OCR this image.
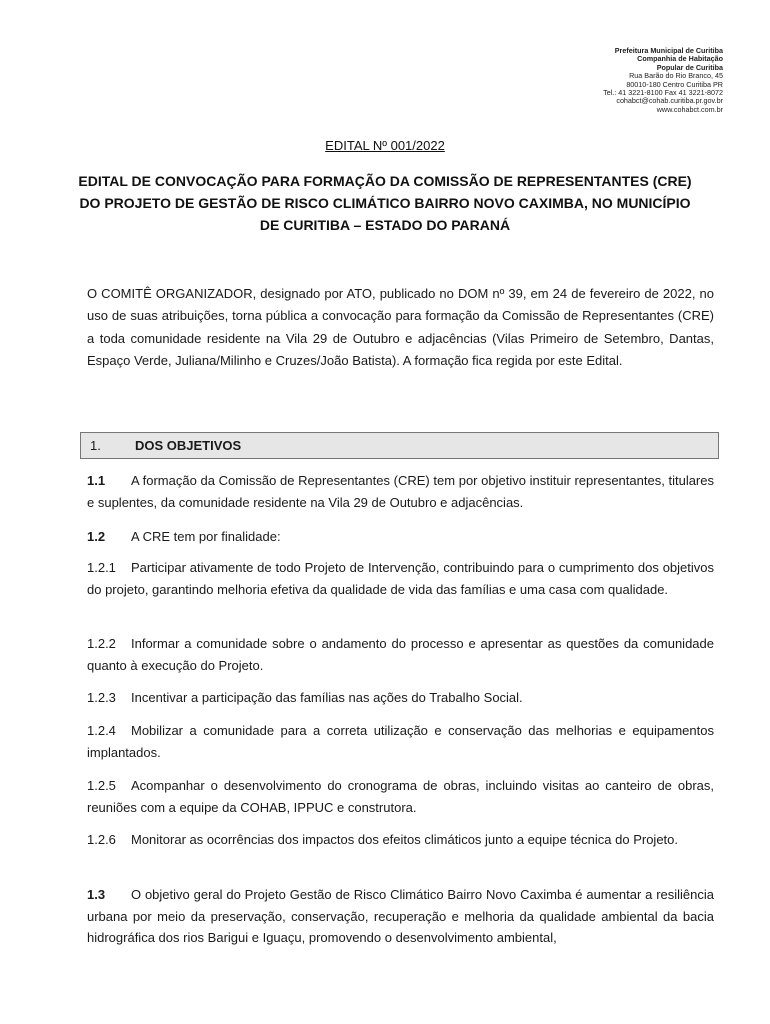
Prefeitura Municipal de Curitiba
Companhia de Habitação
Popular de Curitiba
Rua Barão do Rio Branco, 45
80010-180 Centro Curitiba PR
Tel.: 41 3221-8100 Fax 41 3221-8072
cohabct@cohab.curitiba.pr.gov.br
www.cohabct.com.br
EDITAL Nº 001/2022
EDITAL DE CONVOCAÇÃO PARA FORMAÇÃO DA COMISSÃO DE REPRESENTANTES (CRE)
DO PROJETO DE GESTÃO DE RISCO CLIMÁTICO BAIRRO NOVO CAXIMBA, NO MUNICÍPIO
DE CURITIBA – ESTADO DO PARANÁ
O COMITÊ ORGANIZADOR, designado por ATO, publicado no DOM nº 39, em 24 de fevereiro de 2022, no uso de suas atribuições, torna pública a convocação para formação da Comissão de Representantes (CRE) a toda comunidade residente na Vila 29 de Outubro e adjacências (Vilas Primeiro de Setembro, Dantas, Espaço Verde, Juliana/Milinho e Cruzes/João Batista). A formação fica regida por este Edital.
1.	DOS OBJETIVOS
1.1 A formação da Comissão de Representantes (CRE) tem por objetivo instituir representantes, titulares e suplentes, da comunidade residente na Vila 29 de Outubro e adjacências.
1.2 A CRE tem por finalidade:
1.2.1 Participar ativamente de todo Projeto de Intervenção, contribuindo para o cumprimento dos objetivos do projeto, garantindo melhoria efetiva da qualidade de vida das famílias e uma casa com qualidade.
1.2.2 Informar a comunidade sobre o andamento do processo e apresentar as questões da comunidade quanto à execução do Projeto.
1.2.3 Incentivar a participação das famílias nas ações do Trabalho Social.
1.2.4 Mobilizar a comunidade para a correta utilização e conservação das melhorias e equipamentos implantados.
1.2.5 Acompanhar o desenvolvimento do cronograma de obras, incluindo visitas ao canteiro de obras, reuniões com a equipe da COHAB, IPPUC e construtora.
1.2.6 Monitorar as ocorrências dos impactos dos efeitos climáticos junto a equipe técnica do Projeto.
1.3 O objetivo geral do Projeto Gestão de Risco Climático Bairro Novo Caximba é aumentar a resiliência urbana por meio da preservação, conservação, recuperação e melhoria da qualidade ambiental da bacia hidrográfica dos rios Barigui e Iguaçu, promovendo o desenvolvimento ambiental,
